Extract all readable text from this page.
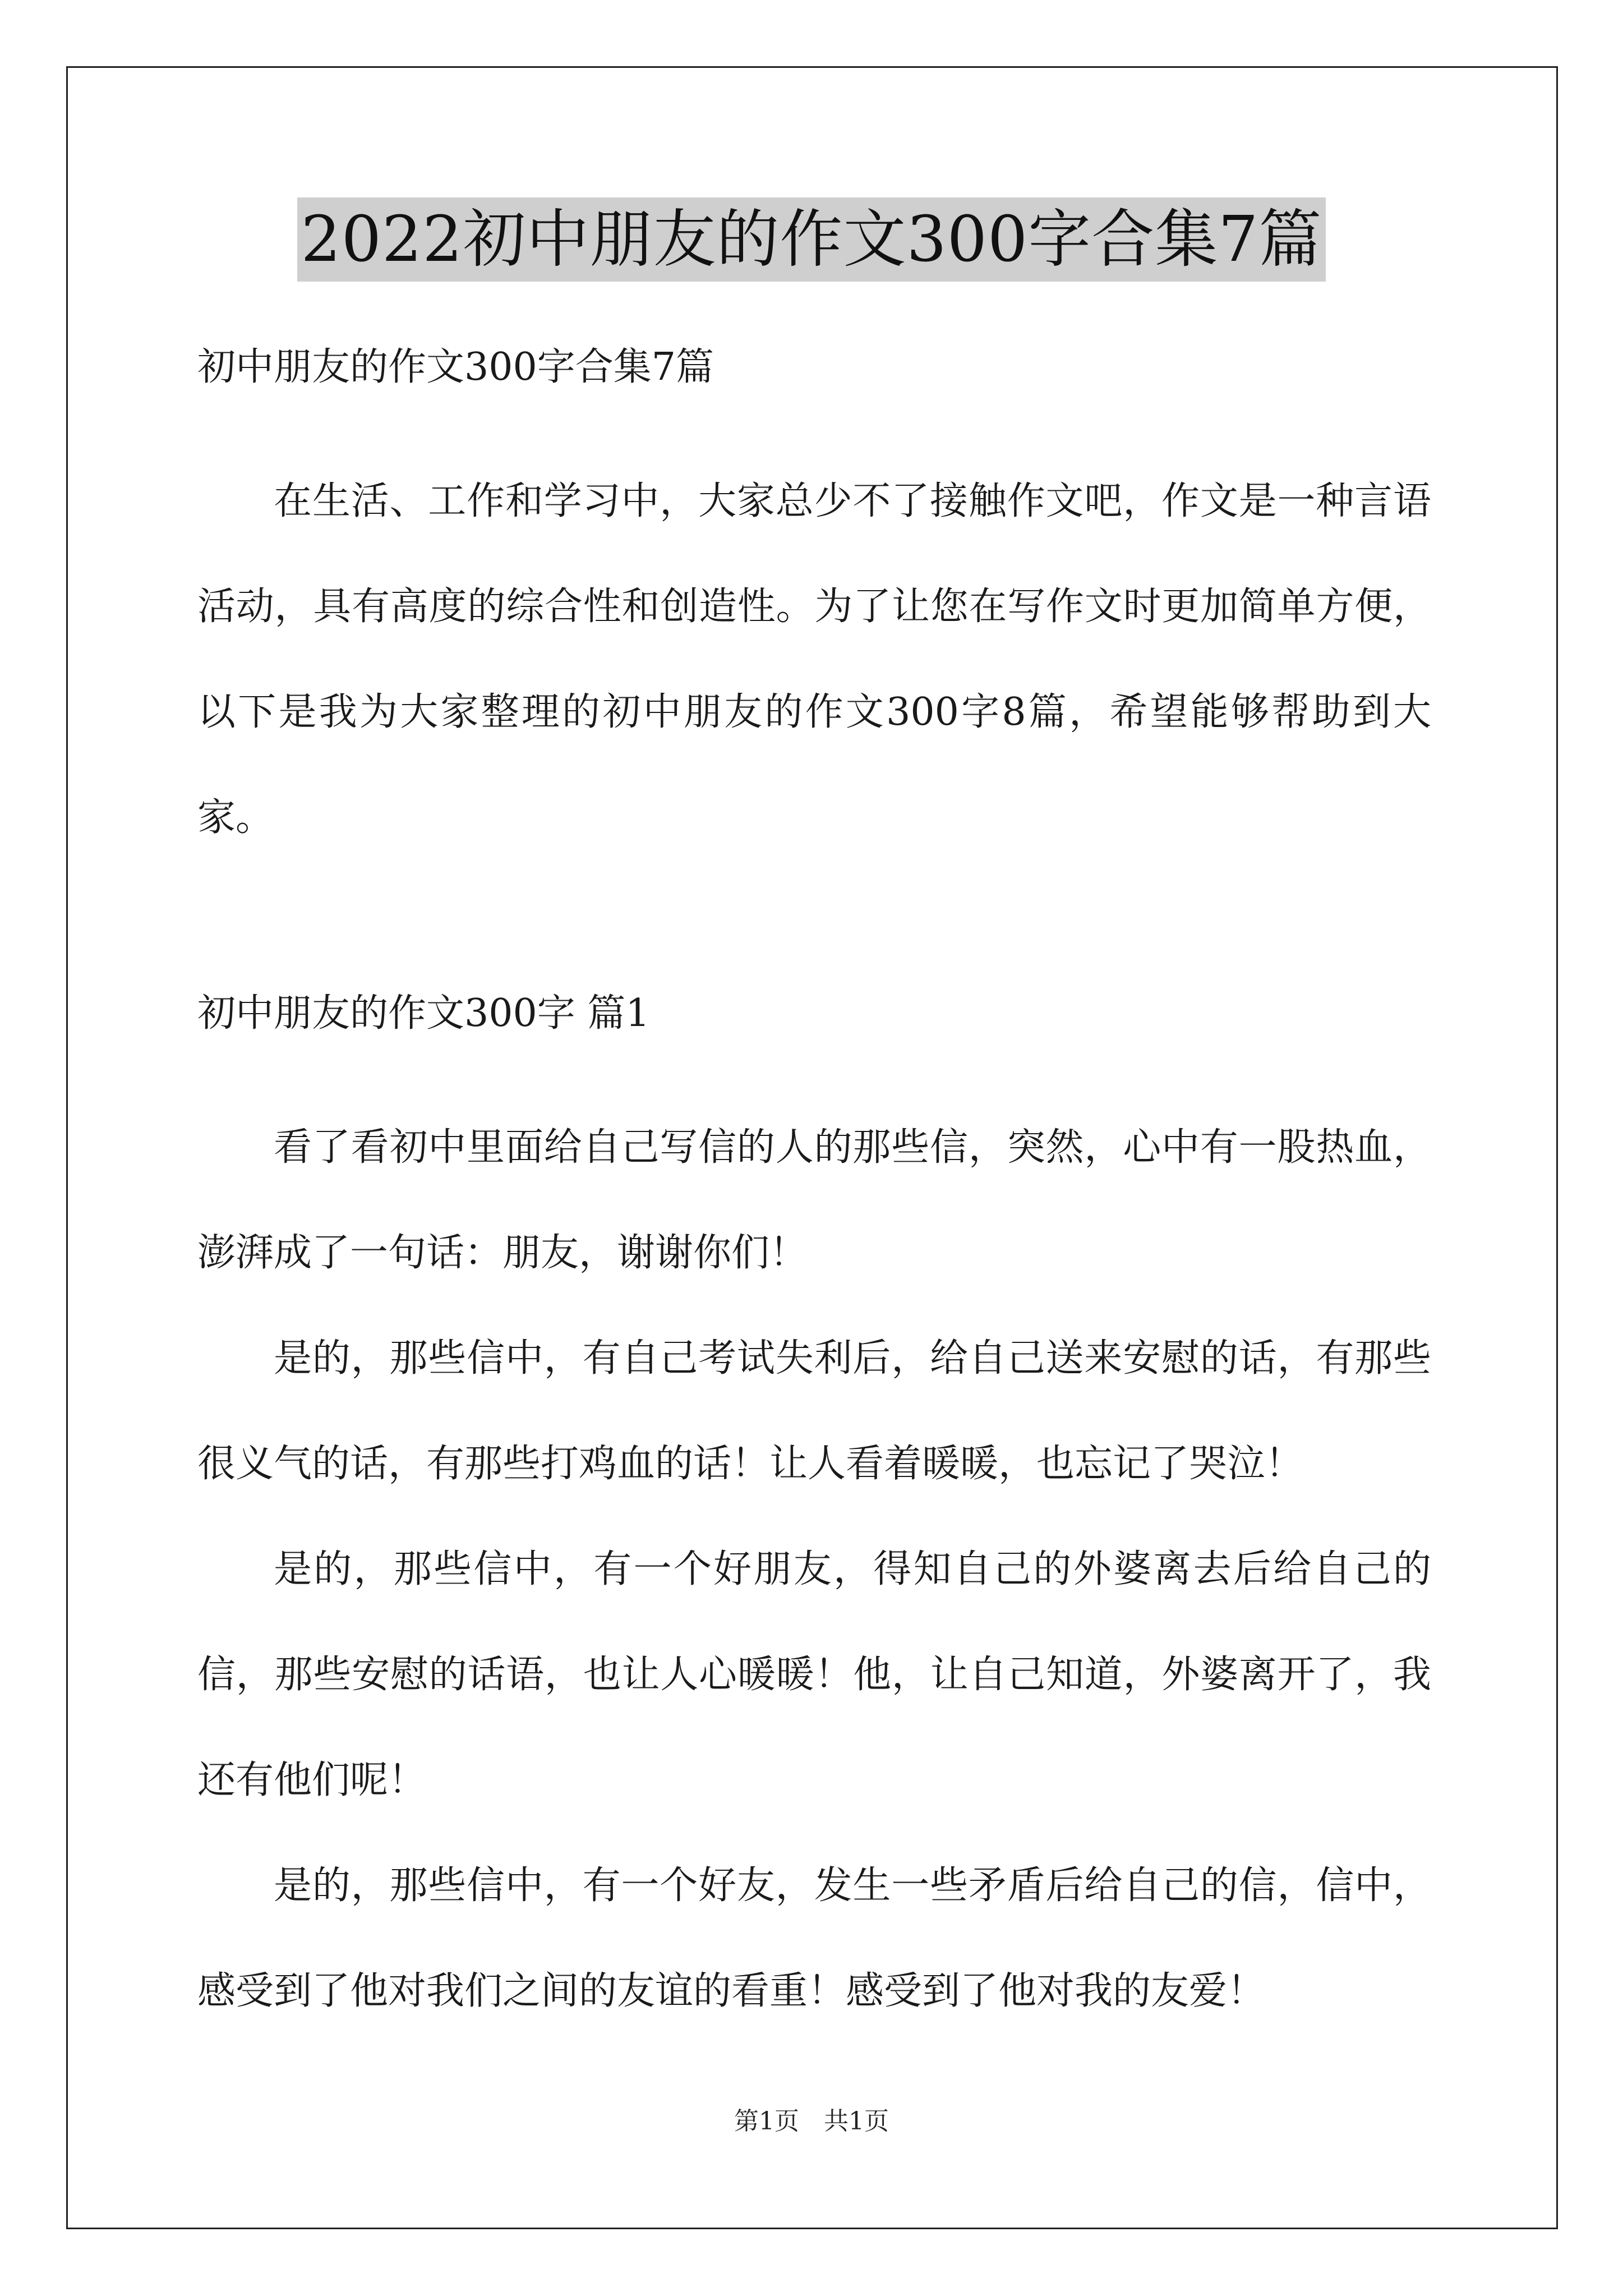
2022初中朋友的作文300字合集7篇

初中朋友的作文300字合集7篇

在生活、工作和学习中，大家总少不了接触作文吧，作文是一种言语活动，具有高度的综合性和创造性。为了让您在写作文时更加简单方便，以下是我为大家整理的初中朋友的作文300字8篇，希望能够帮助到大家。

初中朋友的作文300字 篇1

看了看初中里面给自己写信的人的那些信，突然，心中有一股热血，澎湃成了一句话：朋友，谢谢你们！

是的，那些信中，有自己考试失利后，给自己送来安慰的话，有那些很义气的话，有那些打鸡血的话！让人看着暖暖，也忘记了哭泣！

是的，那些信中，有一个好朋友，得知自己的外婆离去后给自己的信，那些安慰的话语，也让人心暖暖！他，让自己知道，外婆离开了，我还有他们呢！

是的，那些信中，有一个好友，发生一些矛盾后给自己的信，信中，感受到了他对我们之间的友谊的看重！感受到了他对我的友爱！

第1页　共1页
